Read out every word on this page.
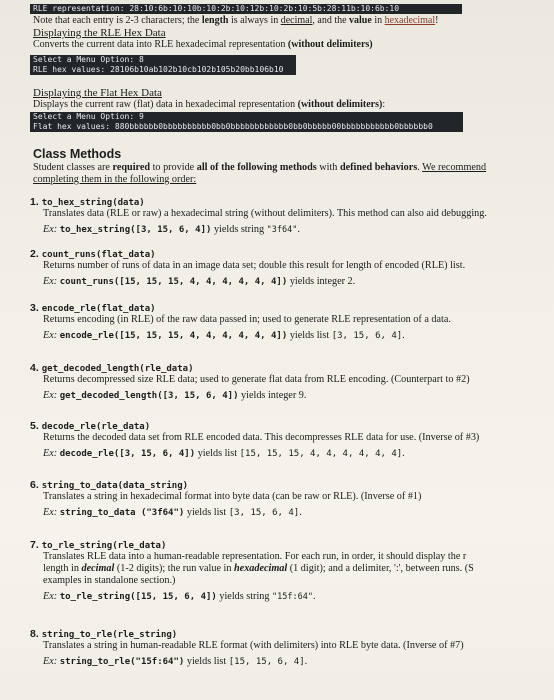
RLE representation: 28:10:6b:10:10b:10:2b:10:12b:10:2b:10:5b:28:11b:10:6b:10
Note that each entry is 2-3 characters; the length is always in decimal, and the value in hexadecimal!
Displaying the RLE Hex Data
Converts the current data into RLE hexadecimal representation (without delimiters)
Select a Menu Option: 8
RLE hex values: 28106b10ab102b10cb102b105b20bb106b10
Displaying the Flat Hex Data
Displays the current raw (flat) data in hexadecimal representation (without delimiters):
Select a Menu Option: 9
Flat hex values: 880bbbbbb0bbbbbbbbbb0bb0bbbbbbbbbbbb0bb0bbbbb00bbbbbbbbbbb0bbbbbb0
Class Methods
Student classes are required to provide all of the following methods with defined behaviors. We recommend
completing them in the following order:
1. to_hex_string(data)
Translates data (RLE or raw) a hexadecimal string (without delimiters). This method can also aid debugging.
Ex: to_hex_string([3, 15, 6, 4]) yields string "3f64".
2. count_runs(flat_data)
Returns number of runs of data in an image data set; double this result for length of encoded (RLE) list.
Ex: count_runs([15, 15, 15, 4, 4, 4, 4, 4, 4]) yields integer 2.
3. encode_rle(flat_data)
Returns encoding (in RLE) of the raw data passed in; used to generate RLE representation of a data.
Ex: encode_rle([15, 15, 15, 4, 4, 4, 4, 4, 4]) yields list [3, 15, 6, 4].
4. get_decoded_length(rle_data)
Returns decompressed size RLE data; used to generate flat data from RLE encoding. (Counterpart to #2)
Ex: get_decoded_length([3, 15, 6, 4]) yields integer 9.
5. decode_rle(rle_data)
Returns the decoded data set from RLE encoded data. This decompresses RLE data for use. (Inverse of #3)
Ex: decode_rle([3, 15, 6, 4]) yields list [15, 15, 15, 4, 4, 4, 4, 4, 4].
6. string_to_data(data_string)
Translates a string in hexadecimal format into byte data (can be raw or RLE). (Inverse of #1)
Ex: string_to_data ("3f64") yields list [3, 15, 6, 4].
7. to_rle_string(rle_data)
Translates RLE data into a human-readable representation. For each run, in order, it should display the r
length in decimal (1-2 digits); the run value in hexadecimal (1 digit); and a delimiter, ':', between runs. (S
examples in standalone section.)
Ex: to_rle_string([15, 15, 6, 4]) yields string "15f:64".
8. string_to_rle(rle_string)
Translates a string in human-readable RLE format (with delimiters) into RLE byte data. (Inverse of #7)
Ex: string_to_rle("15f:64") yields list [15, 15, 6, 4].
